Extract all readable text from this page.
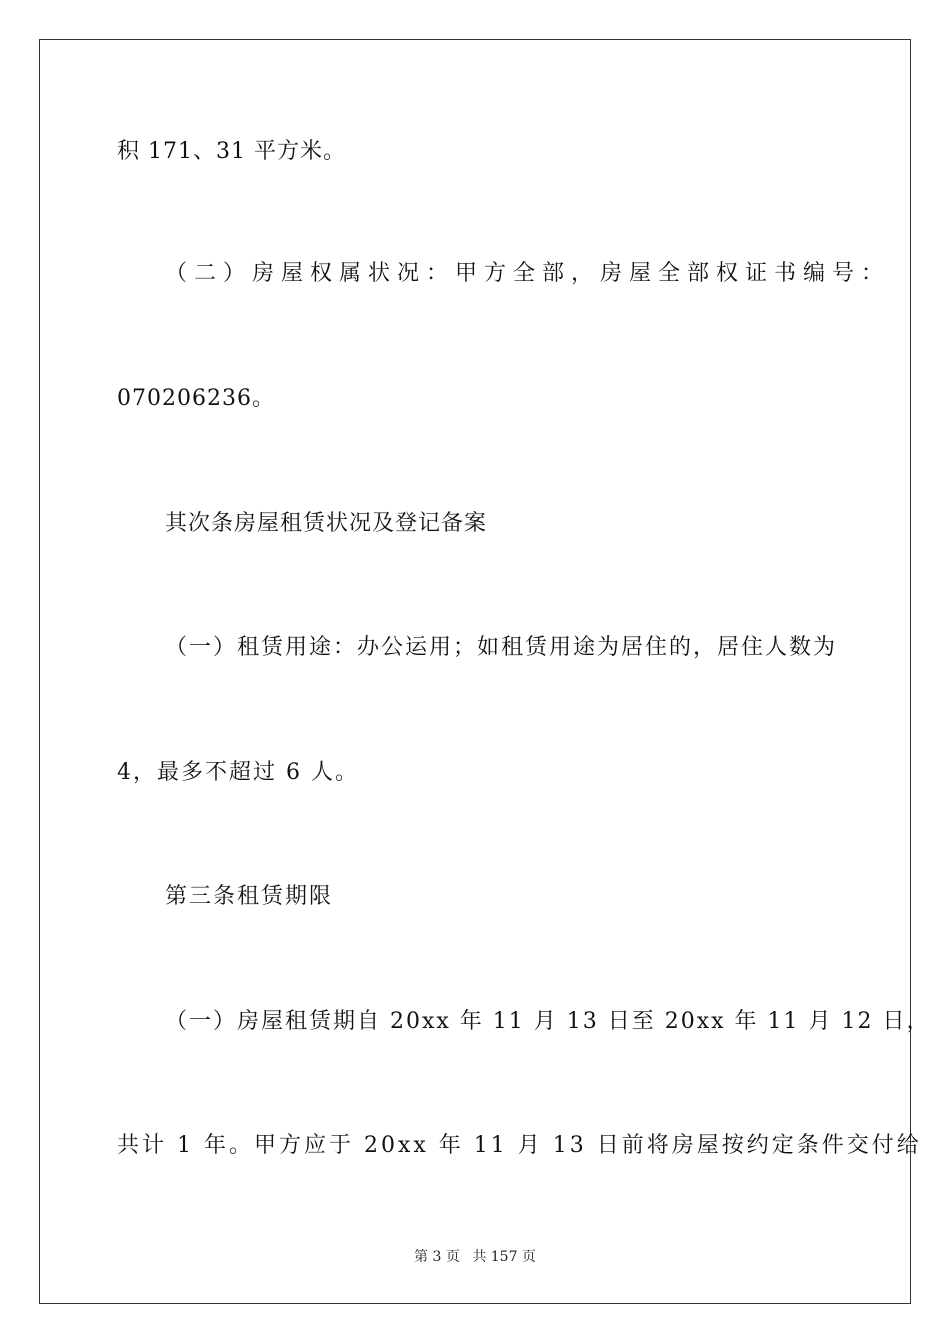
积 171、31 平方米。
（二）房屋权属状况：甲方全部，房屋全部权证书编号：
070206236。
其次条房屋租赁状况及登记备案
（一）租赁用途：办公运用；如租赁用途为居住的，居住人数为
4，最多不超过 6 人。
第三条租赁期限
（一）房屋租赁期自 20xx 年 11 月 13 日至 20xx 年 11 月 12 日，
共计 1 年。甲方应于 20xx 年 11 月 13 日前将房屋按约定条件交付给
第 3 页 共 157 页
